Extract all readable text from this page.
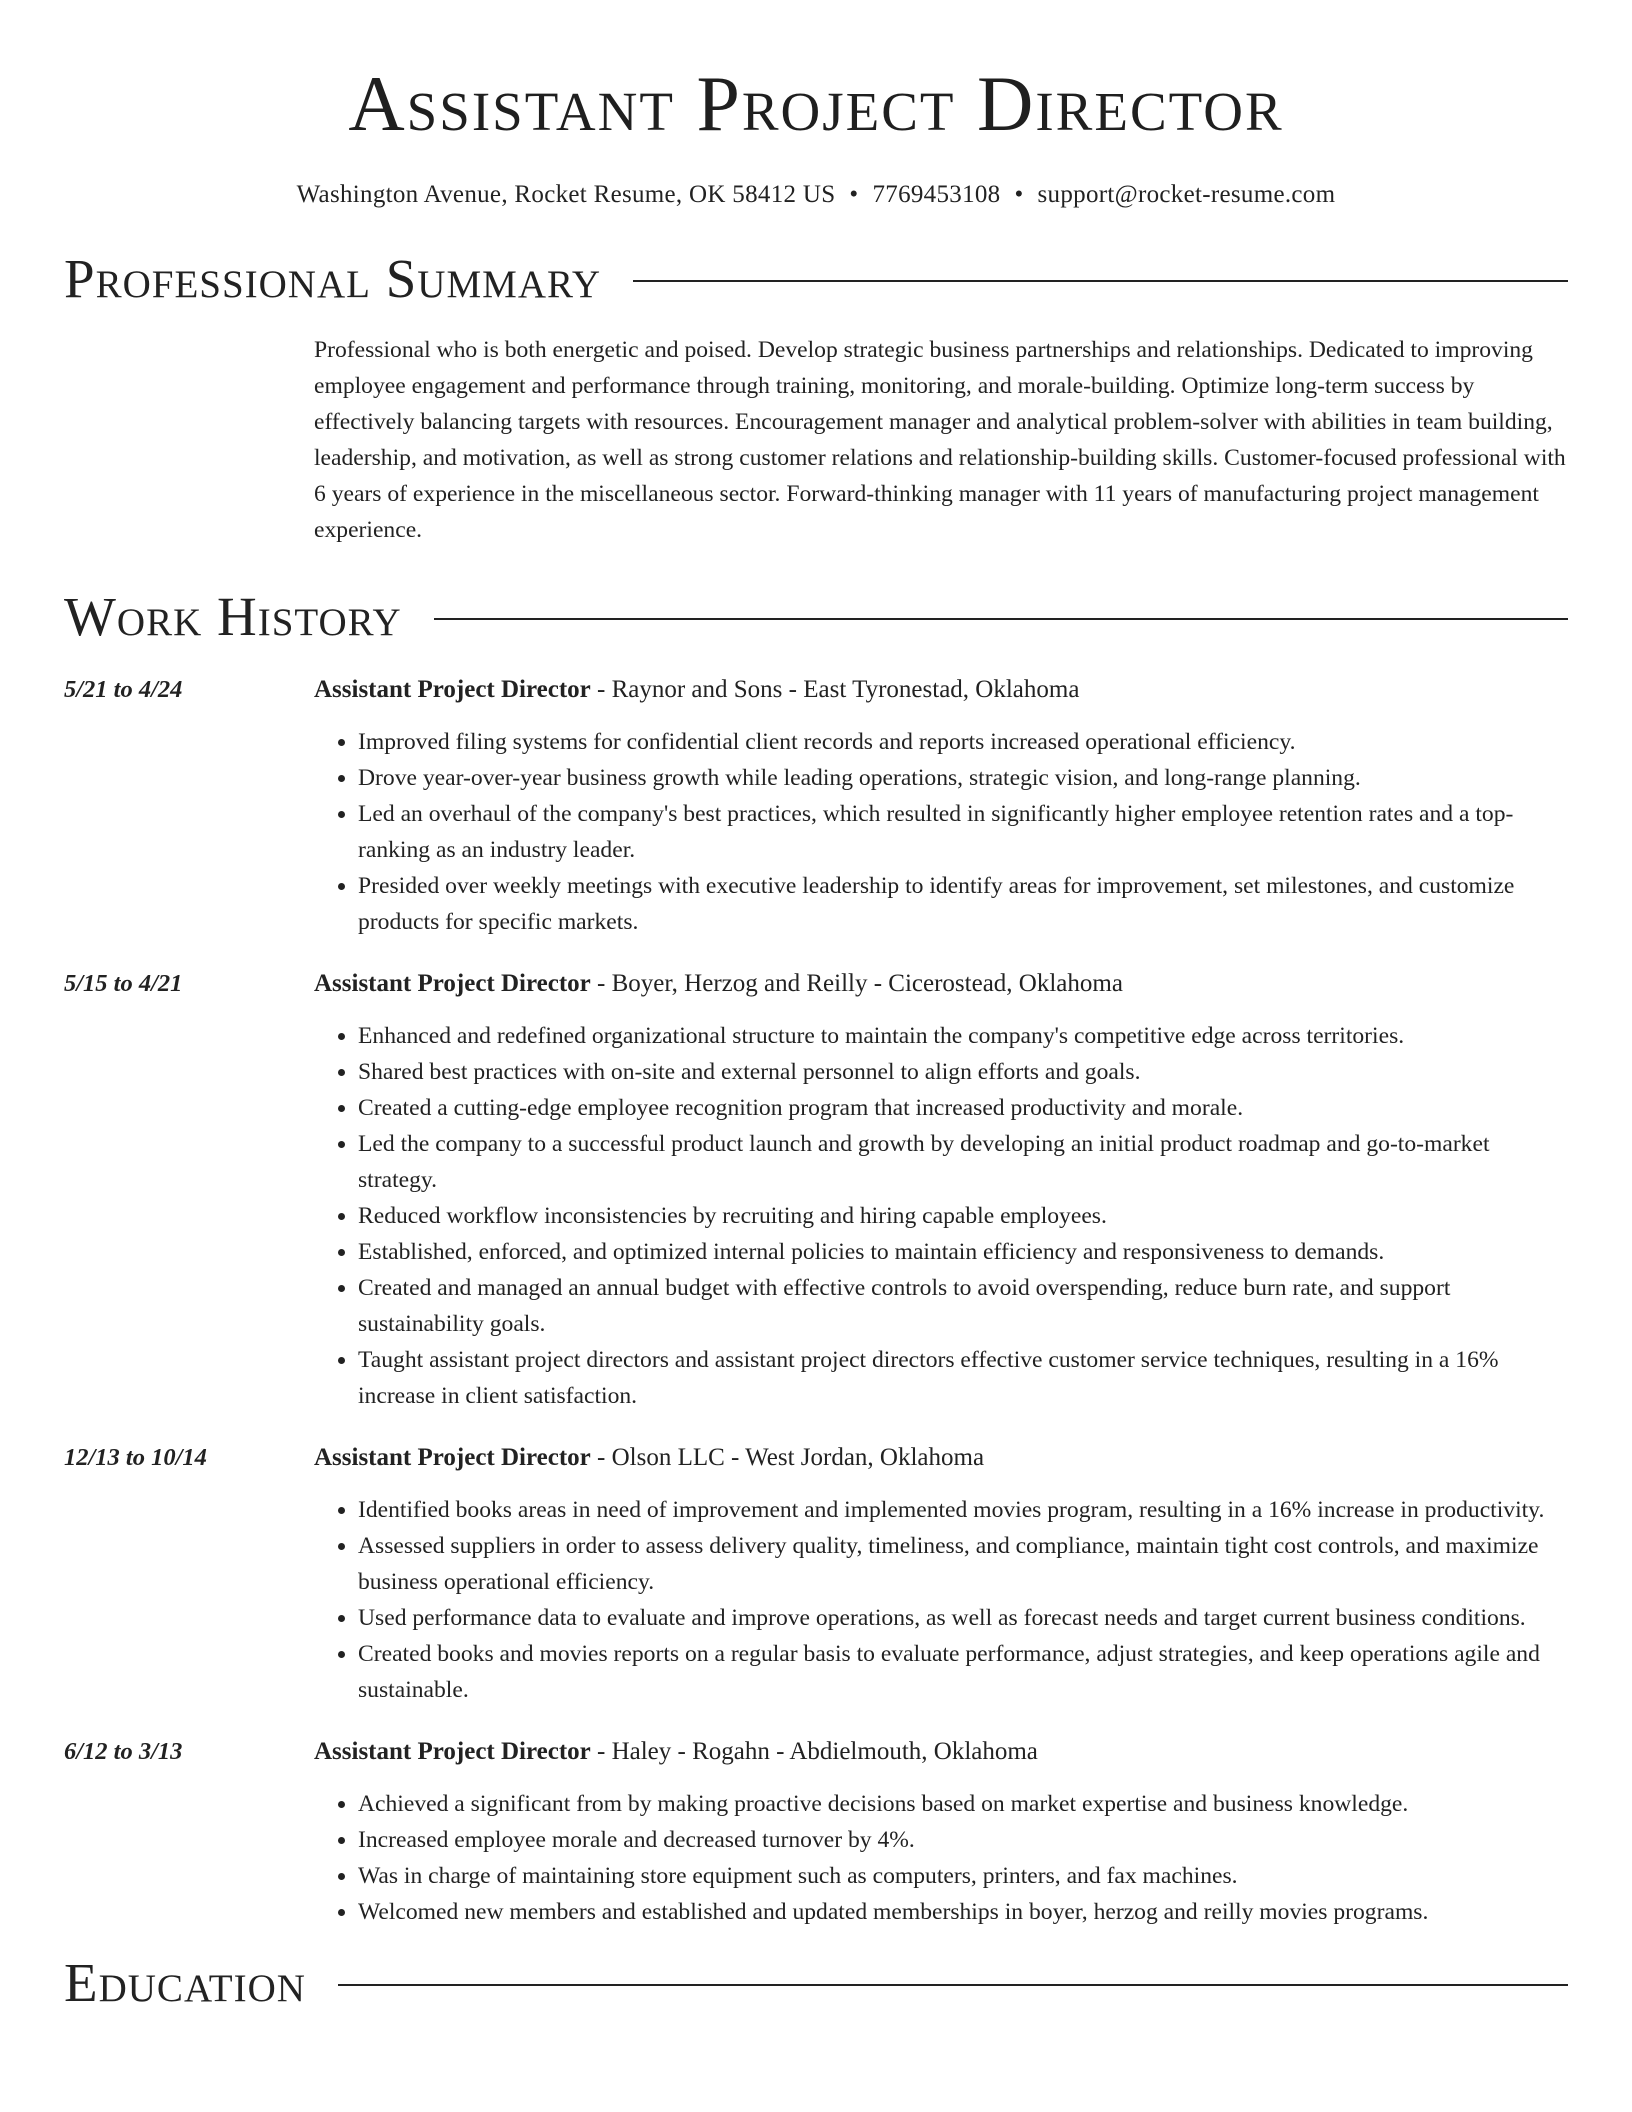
Assistant Project Director
Washington Avenue, Rocket Resume, OK 58412 US • 7769453108 • support@rocket-resume.com
Professional Summary
Professional who is both energetic and poised. Develop strategic business partnerships and relationships. Dedicated to improving employee engagement and performance through training, monitoring, and morale-building. Optimize long-term success by effectively balancing targets with resources. Encouragement manager and analytical problem-solver with abilities in team building, leadership, and motivation, as well as strong customer relations and relationship-building skills. Customer-focused professional with 6 years of experience in the miscellaneous sector. Forward-thinking manager with 11 years of manufacturing project management experience.
Work History
5/21 to 4/24	Assistant Project Director - Raynor and Sons - East Tyronestad, Oklahoma
• Improved filing systems for confidential client records and reports increased operational efficiency.
• Drove year-over-year business growth while leading operations, strategic vision, and long-range planning.
• Led an overhaul of the company's best practices, which resulted in significantly higher employee retention rates and a top-ranking as an industry leader.
• Presided over weekly meetings with executive leadership to identify areas for improvement, set milestones, and customize products for specific markets.
5/15 to 4/21	Assistant Project Director - Boyer, Herzog and Reilly - Cicerostead, Oklahoma
• Enhanced and redefined organizational structure to maintain the company's competitive edge across territories.
• Shared best practices with on-site and external personnel to align efforts and goals.
• Created a cutting-edge employee recognition program that increased productivity and morale.
• Led the company to a successful product launch and growth by developing an initial product roadmap and go-to-market strategy.
• Reduced workflow inconsistencies by recruiting and hiring capable employees.
• Established, enforced, and optimized internal policies to maintain efficiency and responsiveness to demands.
• Created and managed an annual budget with effective controls to avoid overspending, reduce burn rate, and support sustainability goals.
• Taught assistant project directors and assistant project directors effective customer service techniques, resulting in a 16% increase in client satisfaction.
12/13 to 10/14	Assistant Project Director - Olson LLC - West Jordan, Oklahoma
• Identified books areas in need of improvement and implemented movies program, resulting in a 16% increase in productivity.
• Assessed suppliers in order to assess delivery quality, timeliness, and compliance, maintain tight cost controls, and maximize business operational efficiency.
• Used performance data to evaluate and improve operations, as well as forecast needs and target current business conditions.
• Created books and movies reports on a regular basis to evaluate performance, adjust strategies, and keep operations agile and sustainable.
6/12 to 3/13	Assistant Project Director - Haley - Rogahn - Abdielmouth, Oklahoma
• Achieved a significant from by making proactive decisions based on market expertise and business knowledge.
• Increased employee morale and decreased turnover by 4%.
• Was in charge of maintaining store equipment such as computers, printers, and fax machines.
• Welcomed new members and established and updated memberships in boyer, herzog and reilly movies programs.
Education
